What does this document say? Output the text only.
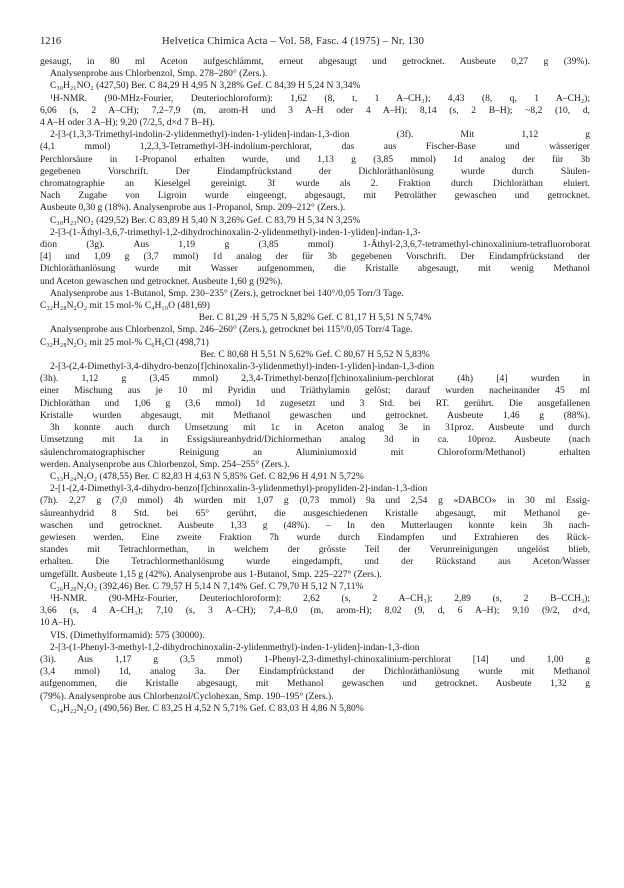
1216	Helvetica Chimica Acta – Vol. 58, Fasc. 4 (1975) – Nr. 130
gesaugt, in 80 ml Aceton aufgeschlämmt, erneut abgesaugt und getrocknet. Ausbeute 0,27 g (39%).
Analysenprobe aus Chlorbenzol, Smp. 278–280° (Zers.).
C₃₀H₂₁NO₂ (427,50) Ber. C 84,29 H 4,95 N 3,28% Gef. C 84,39 H 5,24 N 3,34%
¹H-NMR. (90-MHz-Fourier, Deuteriochloroform): 1,62 (8, t, 1 A–CH₃); 4,43 (8, q, 1 A–CH₂);
6,06 (s, 2 A–CH); 7,2–7,9 (m, arom-H und 3 A–H oder 4 A–H); 8,14 (s, 2 B–H); ~8,2 (10, d,
4 A–H oder 3 A–H); 9,20 (7/2,5, d×d 7 B–H).
2-[3-(1,3,3-Trimethyl-indolin-2-ylidenmethyl)-inden-1-yliden]-indan-1,3-dion (3f). Mit 1,12 g
(4,1 mmol) 1,2,3,3-Tetramethyl-3H-indolium-perchlorat, das aus Fischer-Base und wässeriger
Perchlorsäure in 1-Propanol erhalten wurde, und 1,13 g (3,85 mmol) 1d analog der für 3b
gegebenen Vorschrift. Der Eindampfrückstand der Dichloräthanlösung wurde durch Säulen-
chromatographie an Kieselgel gereinigt. 3f wurde als 2. Fraktion durch Dichloräthan eluiert.
Nach Zugabe von Ligroin wurde eingeengt, abgesaugt, mit Petroläther gewaschen und getrocknet.
Ausbeute 0,30 g (18%). Analysenprobe aus 1-Propanol, Smp. 209–212° (Zers.).
C₃₀H₂₃NO₂ (429,52) Ber. C 83,89 H 5,40 N 3,26% Gef. C 83,79 H 5,34 N 3,25%
2-[3-(1-Äthyl-3,6,7-trimethyl-1,2-dihydrochinoxalin-2-ylidenmethyl)-inden-1-yliden]-indan-1,3-
dion (3g). Aus 1,19 g (3,85 mmol) 1-Äthyl-2,3,6,7-tetramethyl-chinoxalinium-tetrafluoroborat
[4] und 1,09 g (3,7 mmol) 1d analog der für 3b gegebenen Vorschrift. Der Eindampfrückstand der
Dichloräthanlösung wurde mit Wasser aufgenommen, die Kristalle abgesaugt, mit wenig Methanol
und Aceton gewaschen und getrocknet. Ausbeute 1,60 g (92%).
Analysenprobe aus 1-Butanol, Smp. 230–235° (Zers.), getrocknet bei 140°/0,05 Torr/3 Tage.
C₃₂H₂₈N₂O₂ mit 15 mol-% C₄H₁₀O (481,69)
Ber. C 81,29 ·H 5,75 N 5,82% Gef. C 81,17 H 5,51 N 5,74%
Analysenprobe aus Chlorbenzol, Smp. 246–260° (Zers.), getrocknet bei 115°/0,05 Torr/4 Tage.
C₃₂H₂₈N₂O₂ mit 25 mol-% C₆H₅Cl (498,71)
Ber. C 80,68 H 5,51 N 5,62% Gef. C 80,67 H 5,52 N 5,83%
2-[3-(2,4-Dimethyl-3,4-dihydro-benzo[f]chinoxalin-3-ylidenmethyl)-inden-1-yliden]-indan-1,3-dion
(3h). 1,12 g (3,45 mmol) 2,3,4-Trimethyl-benzo[f]chinoxalinium-perchlorat (4h) [4] wurden in
einer Mischung aus je 10 ml Pyridin und Triäthylamin gelöst; darauf wurden nacheinander 45 ml
Dichloräthan und 1,06 g (3,6 mmol) 1d zugesetzt und 3 Std. bei RT. gerührt. Die ausgefallenen
Kristalle wurden abgesaugt, mit Methanol gewaschen und getrocknet. Ausbeute 1,46 g (88%).
3h konnte auch durch Umsetzung mit 1c in Aceton analog 3e in 31proz. Ausbeute und durch
Umsetzung mit 1a in Essigsäureanhydrid/Dichlormethan analog 3d in ca. 10proz. Ausbeute (nach
säulenchromatographischer Reinigung an Aluminiumoxid mit Chloroform/Methanol) erhalten
werden. Analysenprobe aus Chlorbenzol, Smp. 254–255° (Zers.).
C₃₃H₂₄N₂O₂ (478,55) Ber. C 82,83 H 4,63 N 5,85% Gef. C 82,96 H 4,91 N 5,72%
2-[1-(2,4-Dimethyl-3,4-dihydro-benzo[f]chinoxalin-3-ylidenmethyl)-propyliden-2]-indan-1,3-dion
(7h). 2,27 g (7,0 mmol) 4h wurden mit 1,07 g (0,73 mmol) 9a und 2,54 g «DABCO» in 30 ml Essig-
säureanhydrid 8 Std. bei 65° gerührt, die ausgeschiedenen Kristalle abgesaugt, mit Methanol ge-
waschen und getrocknet. Ausbeute 1,33 g (48%). – In den Mutterlaugen konnte kein 3h nach-
gewiesen werden. Eine zweite Fraktion 7h wurde durch Eindampfen und Extrahieren des Rück-
standes mit Tetrachlormethan, in welchem der grösste Teil der Verunreinigungen ungelöst blieb,
erhalten. Die Tetrachlormethanlösung wurde eingedampft, und der Rückstand aus Aceton/Wasser
umgefällt. Ausbeute 1,15 g (42%). Analysenprobe aus 1-Butanol, Smp. 225–227° (Zers.).
C₂₆H₂₀N₂O₂ (392,46) Ber. C 79,57 H 5,14 N 7,14% Gef. C 79,70 H 5,12 N 7,11%
¹H-NMR. (90-MHz-Fourier, Deuteriochloroform): 2,62 (s, 2 A–CH₃); 2,89 (s, 2 B–CCH₃);
3,66 (s, 4 A–CH₃); 7,10 (s, 3 A–CH); 7,4–8,0 (m, arom-H); 8,02 (9, d, 6 A–H); 9,10 (9/2, d×d,
10 A–H).
VIS. (Dimethylformamid): 575 (30000).
2-[3-(1-Phenyl-3-methyl-1,2-dihydrochinoxalin-2-ylidenmethyl)-inden-1-yliden]-indan-1,3-dion
(3i). Aus 1,17 g (3,5 mmol) 1-Phenyl-2,3-dimethyl-chinoxalinium-perchlorat [14] und 1,00 g
(3,4 mmol) 1d, analog 3a. Der Eindampfrückstand der Dichloräthanlösung wurde mit Methanol
aufgenommen, die Kristalle abgesaugt, mit Methanol gewaschen und getrocknet. Ausbeute 1,32 g
(79%). Analysenprobe aus Chlorbenzol/Cyclohexan, Smp. 190–195° (Zers.).
C₃₄H₂₂N₂O₂ (490,56) Ber. C 83,25 H 4,52 N 5,71% Gef. C 83,03 H 4,86 N 5,80%
